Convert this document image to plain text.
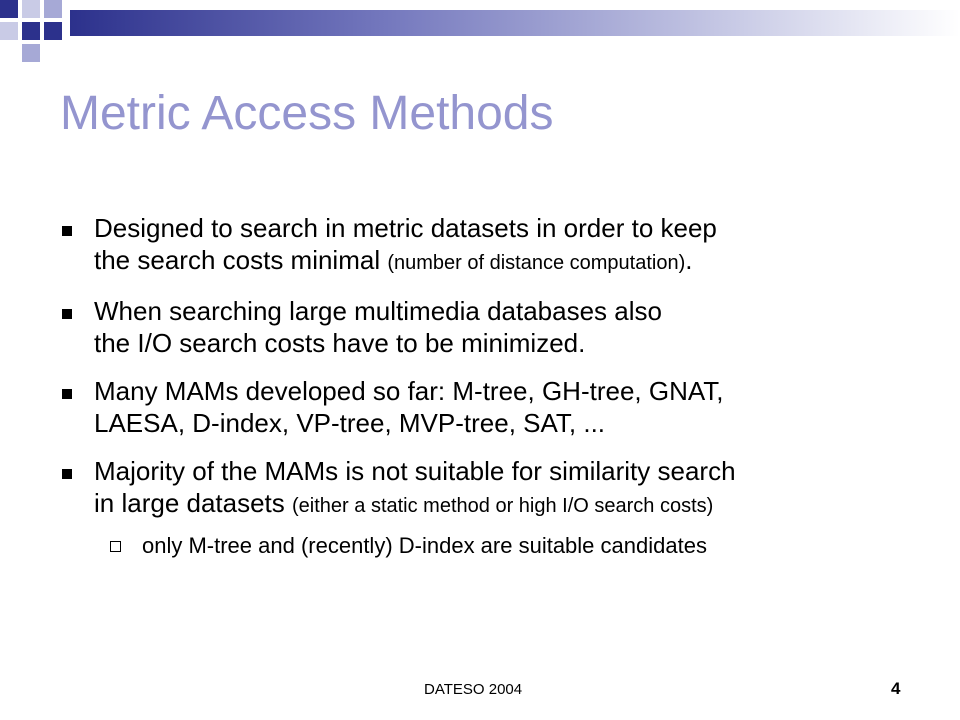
Metric Access Methods
Designed to search in metric datasets in order to keep
the search costs minimal (number of distance computation).
When searching large multimedia databases also
the I/O search costs have to be minimized.
Many MAMs developed so far: M-tree, GH-tree, GNAT,
LAESA, D-index, VP-tree, MVP-tree, SAT, ...
Majority of the MAMs is not suitable for similarity search
in large datasets (either a static method or high I/O search costs)
only M-tree and (recently) D-index are suitable candidates
DATESO 2004	4
